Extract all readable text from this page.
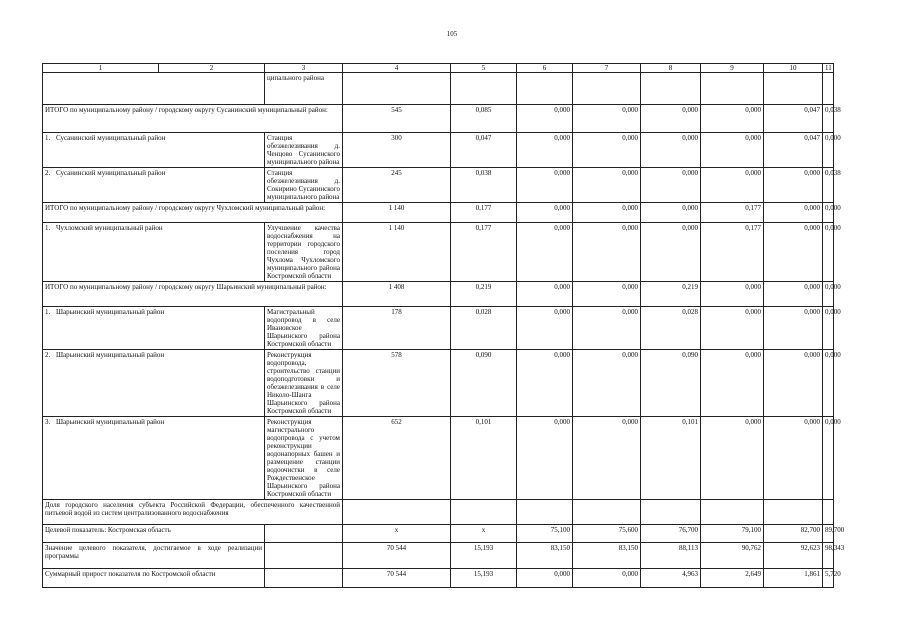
105
1	2	3	4	5	6	7	8	9	10	11
		ципального района								
ИТОГО по муниципальному району / городскому округу Сусанинский муниципальный район:			545	0,085	0,000	0,000	0,000	0,000	0,047	0,038
1. Сусанинский муниципальный район		Станция обезжелезивания д. Ченцово Сусанинского муниципального района	300	0,047	0,000	0,000	0,000	0,000	0,047	0,000
2. Сусанинский муниципальный район		Станция обезжелезивания д. Сокирино Сусанинского муниципального района	245	0,038	0,000	0,000	0,000	0,000	0,000	0,038
ИТОГО по муниципальному району / городскому округу Чухломский муниципальный район:			1 140	0,177	0,000	0,000	0,000	0,177	0,000	0,000
1. Чухломский муниципальный район		Улучшение качества водоснабжения на территории городского поселения город Чухлома Чухломского муниципального района Костромской области	1 140	0,177	0,000	0,000	0,000	0,177	0,000	0,000
ИТОГО по муниципальному району / городскому округу Шарьинский муниципальный район:			1 408	0,219	0,000	0,000	0,219	0,000	0,000	0,000
1. Шарьинский муниципальный район		Магистральный водопровод в селе Ивановское Шарьинского района Костромской области	178	0,028	0,000	0,000	0,028	0,000	0,000	0,000
2. Шарьинский муниципальный район		Реконструкция водопровода, строительство станции водоподготовки и обезжелезивания в селе Николо-Шанга Шарьинского района Костромской области	578	0,090	0,000	0,000	0,090	0,000	0,000	0,000
3. Шарьинский муниципальный район		Реконструкция магистрального водопровода с учетом реконструкции водонапорных башен и размещение станции водоочистки в селе Рождественское Шарьинского района Костромской области	652	0,101	0,000	0,000	0,101	0,000	0,000	0,000
Доля городского населения субъекта Российской Федерации, обеспеченного качественной питьевой водой из систем централизованного водоснабжения										
Целевой показатель: Костромская область			х	х	75,100	75,600	76,700	79,100	82,700	89,700
Значение целевого показателя, достигаемое в ходе реализации программы			70 544	15,193	83,150	83,150	88,113	90,762	92,623	98,343
Суммарный прирост показателя по Костромской области			70 544	15,193	0,000	0,000	4,963	2,649	1,861	5,720
